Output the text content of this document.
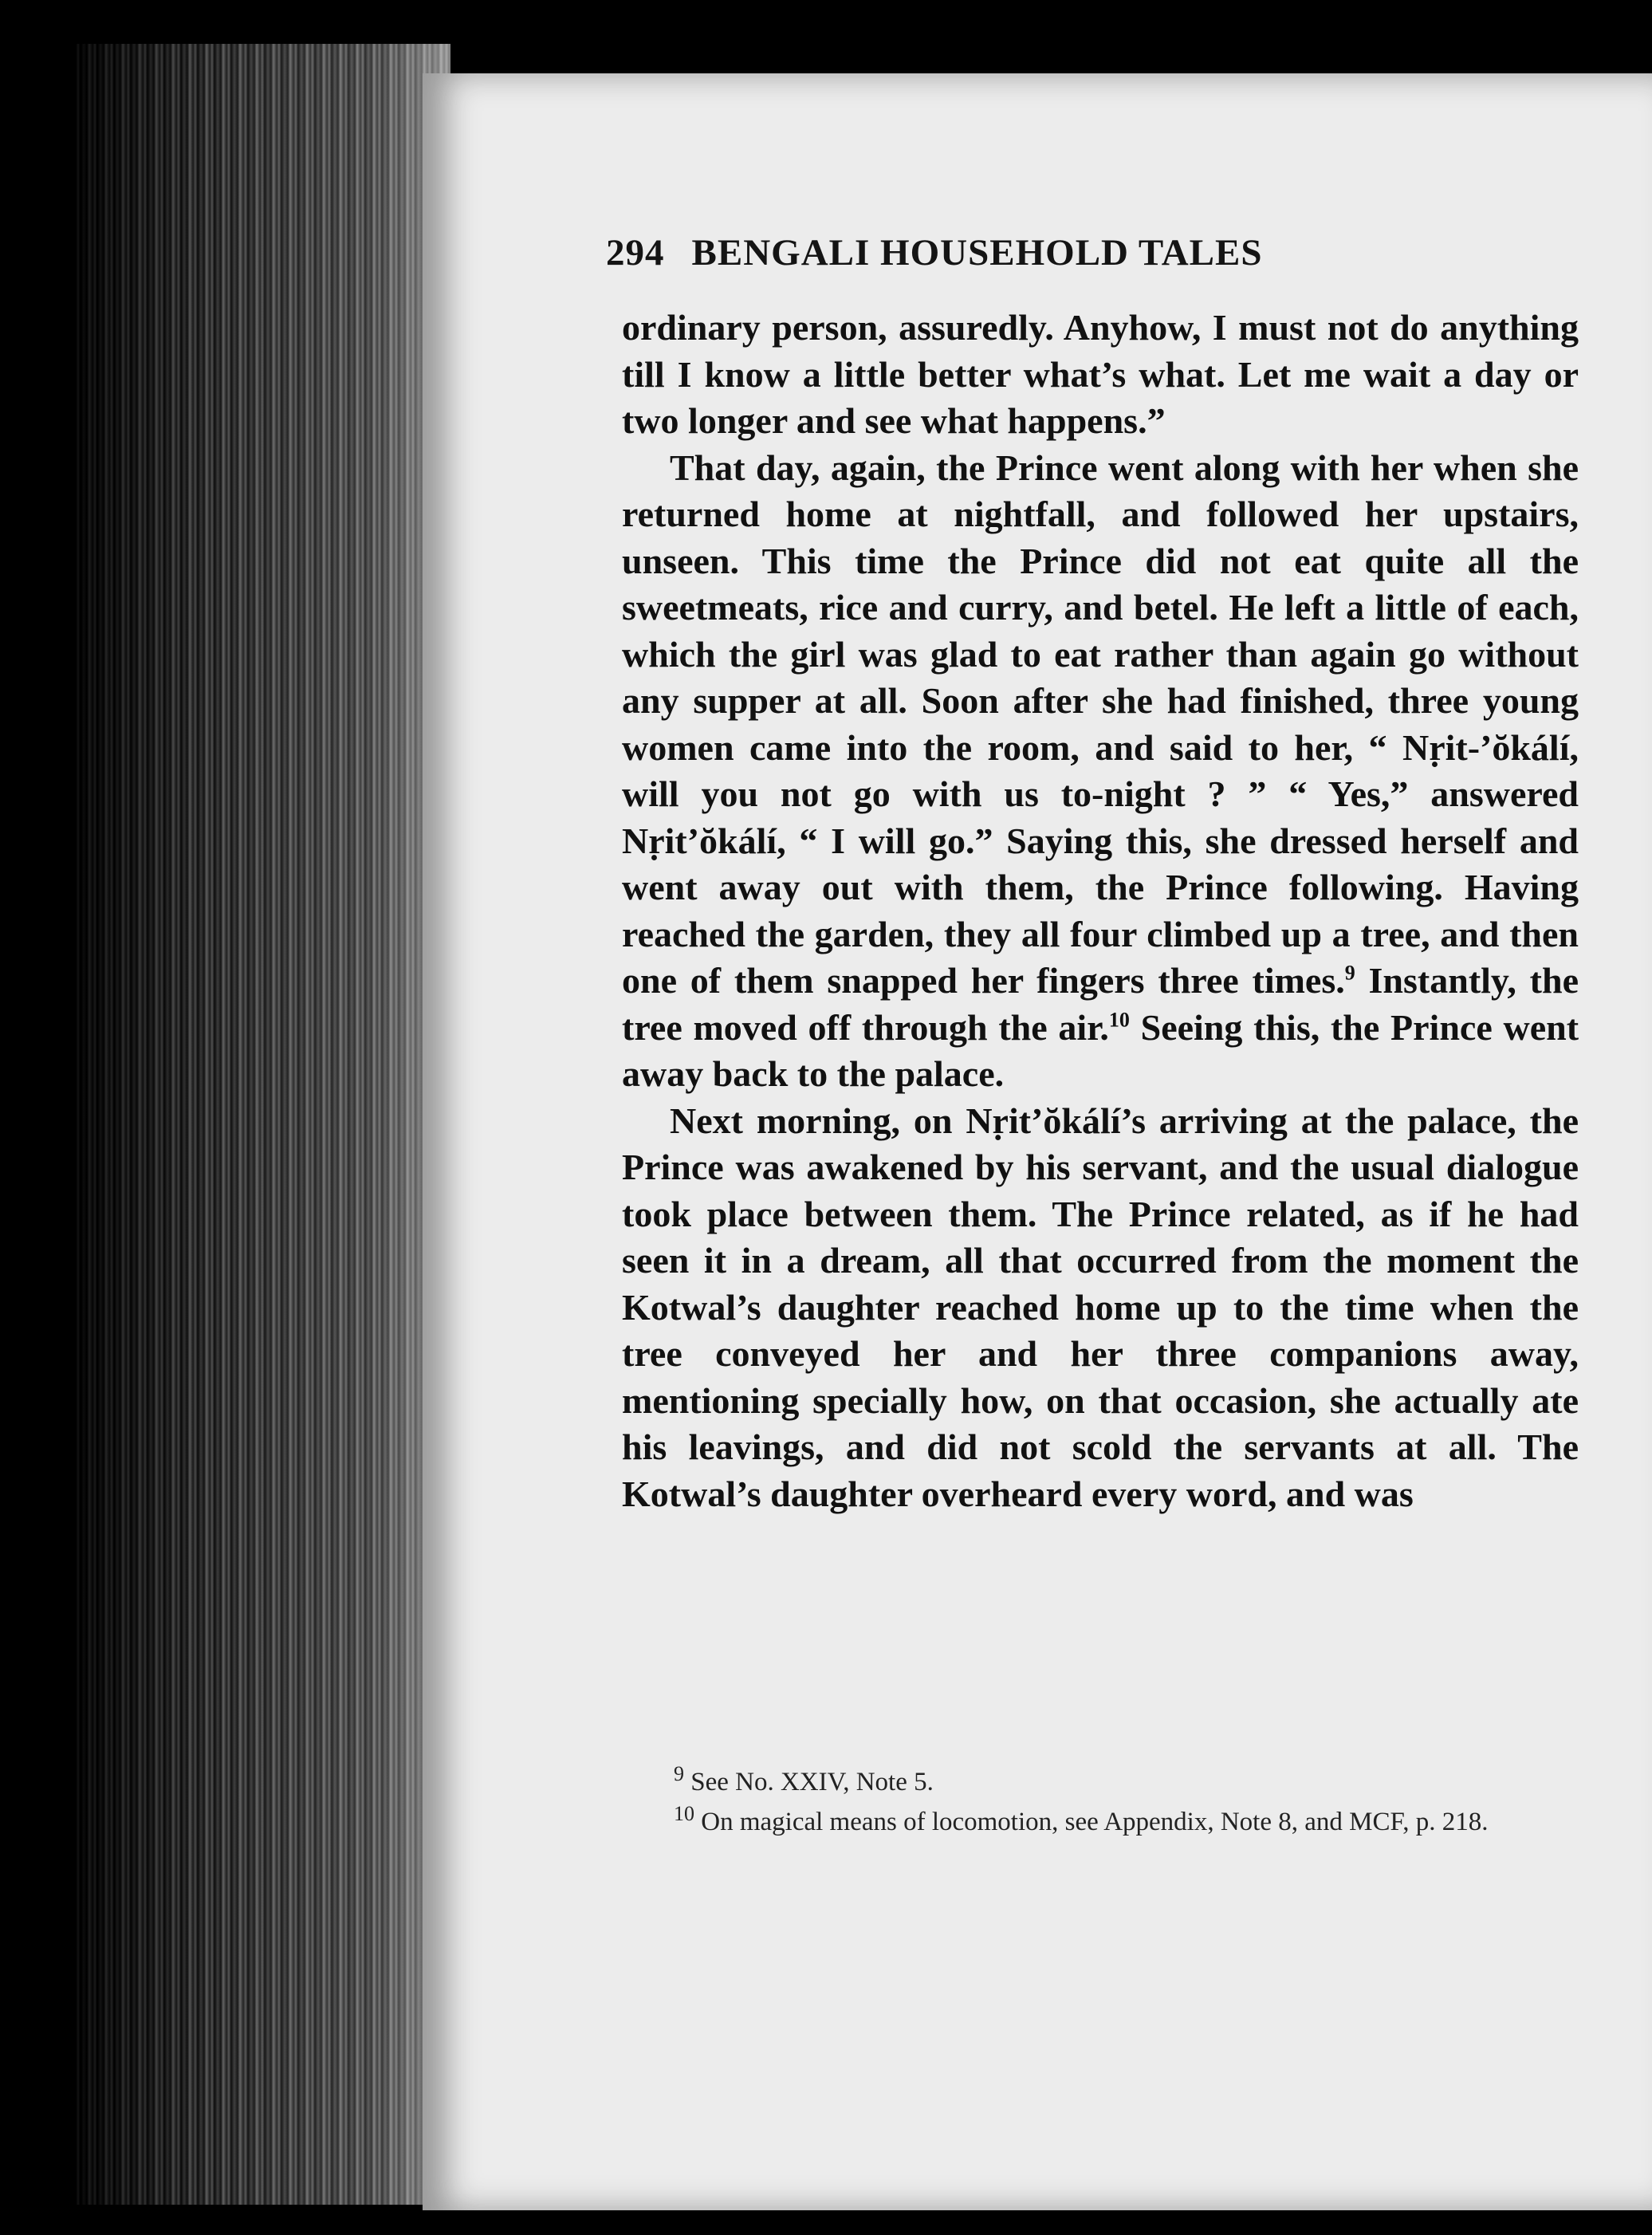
294 BENGALI HOUSEHOLD TALES

ordinary person, assuredly. Anyhow, I must not do anything till I know a little better what’s what. Let me wait a day or two longer and see what happens.”

That day, again, the Prince went along with her when she returned home at nightfall, and followed her upstairs, unseen. This time the Prince did not eat quite all the sweetmeats, rice and curry, and betel. He left a little of each, which the girl was glad to eat rather than again go without any supper at all. Soon after she had finished, three young women came into the room, and said to her, “ Nṛit-’ŏkálí, will you not go with us to-night ? ” “ Yes,” answered Nṛit’ŏkálí, “ I will go.” Saying this, she dressed herself and went away out with them, the Prince following. Having reached the garden, they all four climbed up a tree, and then one of them snapped her fingers three times.$^9$ Instantly, the tree moved off through the air.$^{10}$ Seeing this, the Prince went away back to the palace.

Next morning, on Nṛit’ŏkálí’s arriving at the palace, the Prince was awakened by his servant, and the usual dialogue took place between them. The Prince related, as if he had seen it in a dream, all that occurred from the moment the Kotwal’s daughter reached home up to the time when the tree conveyed her and her three companions away, mentioning specially how, on that occasion, she actually ate his leavings, and did not scold the servants at all. The Kotwal’s daughter overheard every word, and was

$^9$ See No. XXIV, Note 5.

$^{10}$ On magical means of locomotion, see Appendix, Note 8, and MCF, p. 218.
